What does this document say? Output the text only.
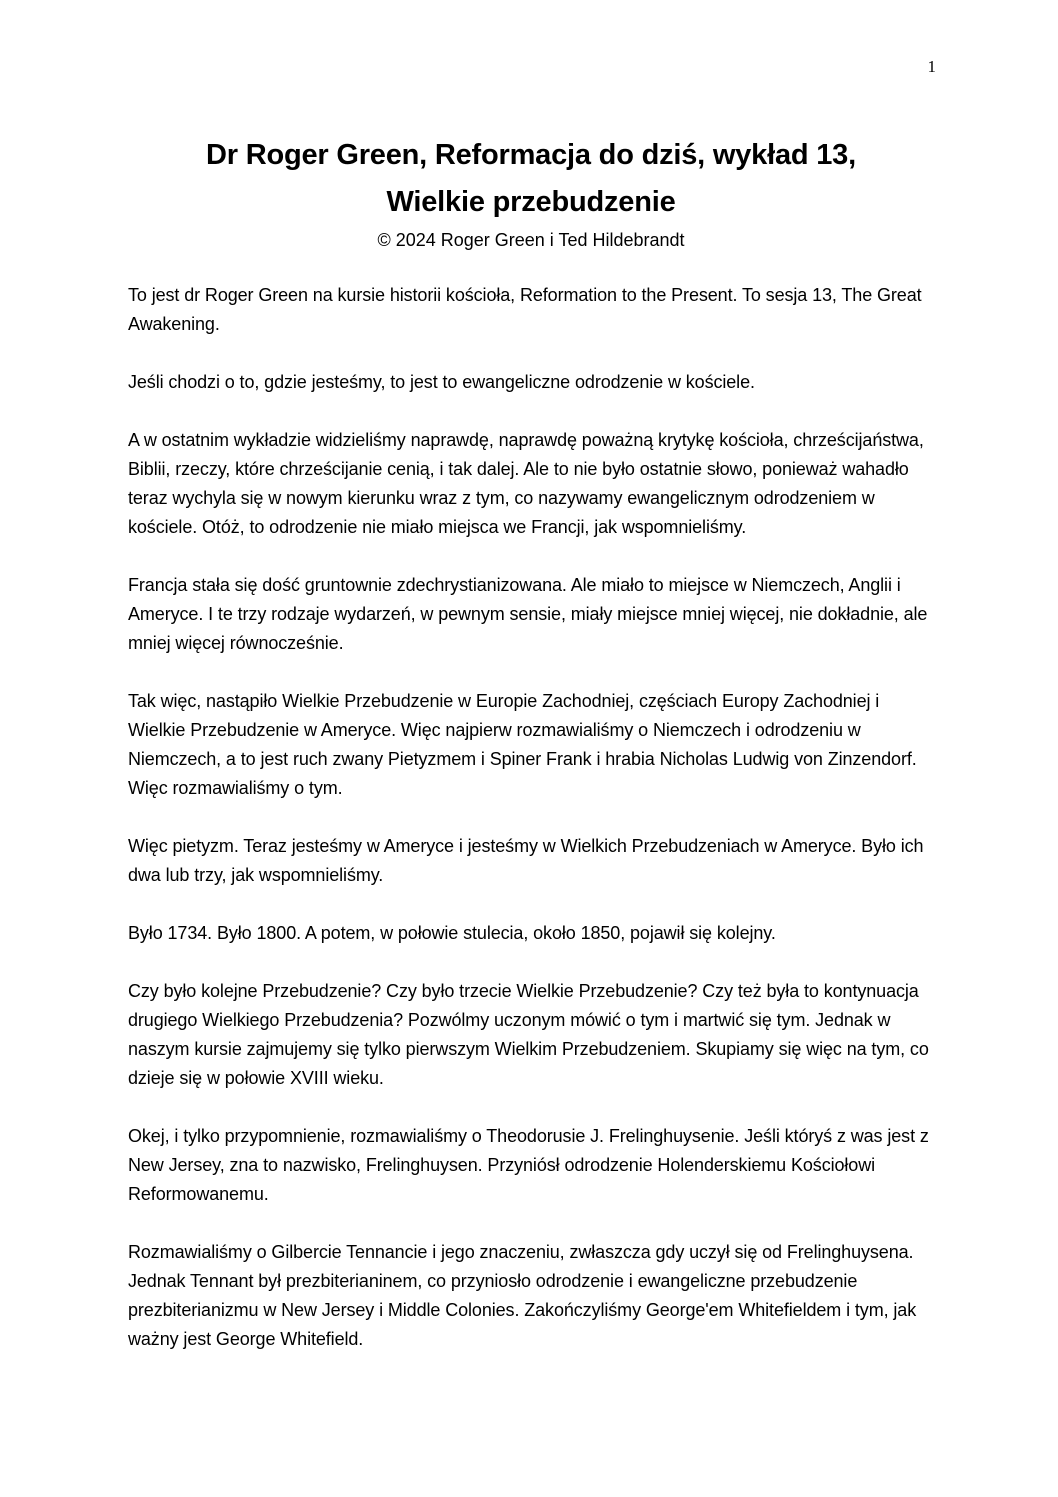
1
Dr Roger Green, Reformacja do dziś, wykład 13,
Wielkie przebudzenie
© 2024 Roger Green i Ted Hildebrandt

To jest dr Roger Green na kursie historii kościoła, Reformation to the Present. To sesja 13, The Great Awakening.

Jeśli chodzi o to, gdzie jesteśmy, to jest to ewangeliczne odrodzenie w kościele.

A w ostatnim wykładzie widzieliśmy naprawdę, naprawdę poważną krytykę kościoła, chrześcijaństwa, Biblii, rzeczy, które chrześcijanie cenią, i tak dalej. Ale to nie było ostatnie słowo, ponieważ wahadło teraz wychyla się w nowym kierunku wraz z tym, co nazywamy ewangelicznym odrodzeniem w kościele. Otóż, to odrodzenie nie miało miejsca we Francji, jak wspomnieliśmy.

Francja stała się dość gruntownie zdechrystianizowana. Ale miało to miejsce w Niemczech, Anglii i Ameryce. I te trzy rodzaje wydarzeń, w pewnym sensie, miały miejsce mniej więcej, nie dokładnie, ale mniej więcej równocześnie.

Tak więc, nastąpiło Wielkie Przebudzenie w Europie Zachodniej, częściach Europy Zachodniej i Wielkie Przebudzenie w Ameryce. Więc najpierw rozmawialiśmy o Niemczech i odrodzeniu w Niemczech, a to jest ruch zwany Pietyzmem i Spiner Frank i hrabia Nicholas Ludwig von Zinzendorf. Więc rozmawialiśmy o tym.

Więc pietyzm. Teraz jesteśmy w Ameryce i jesteśmy w Wielkich Przebudzeniach w Ameryce. Było ich dwa lub trzy, jak wspomnieliśmy.

Było 1734. Było 1800. A potem, w połowie stulecia, około 1850, pojawił się kolejny.

Czy było kolejne Przebudzenie? Czy było trzecie Wielkie Przebudzenie? Czy też była to kontynuacja drugiego Wielkiego Przebudzenia? Pozwólmy uczonym mówić o tym i martwić się tym. Jednak w naszym kursie zajmujemy się tylko pierwszym Wielkim Przebudzeniem. Skupiamy się więc na tym, co dzieje się w połowie XVIII wieku.

Okej, i tylko przypomnienie, rozmawialiśmy o Theodorusie J. Frelinghuysenie. Jeśli któryś z was jest z New Jersey, zna to nazwisko, Frelinghuysen. Przyniósł odrodzenie Holenderskiemu Kościołowi Reformowanemu.

Rozmawialiśmy o Gilbercie Tennancie i jego znaczeniu, zwłaszcza gdy uczył się od Frelinghuysena. Jednak Tennant był prezbiterianinem, co przyniosło odrodzenie i ewangeliczne przebudzenie prezbiterianizmu w New Jersey i Middle Colonies. Zakończyliśmy George'em Whitefieldem i tym, jak ważny jest George Whitefield.
